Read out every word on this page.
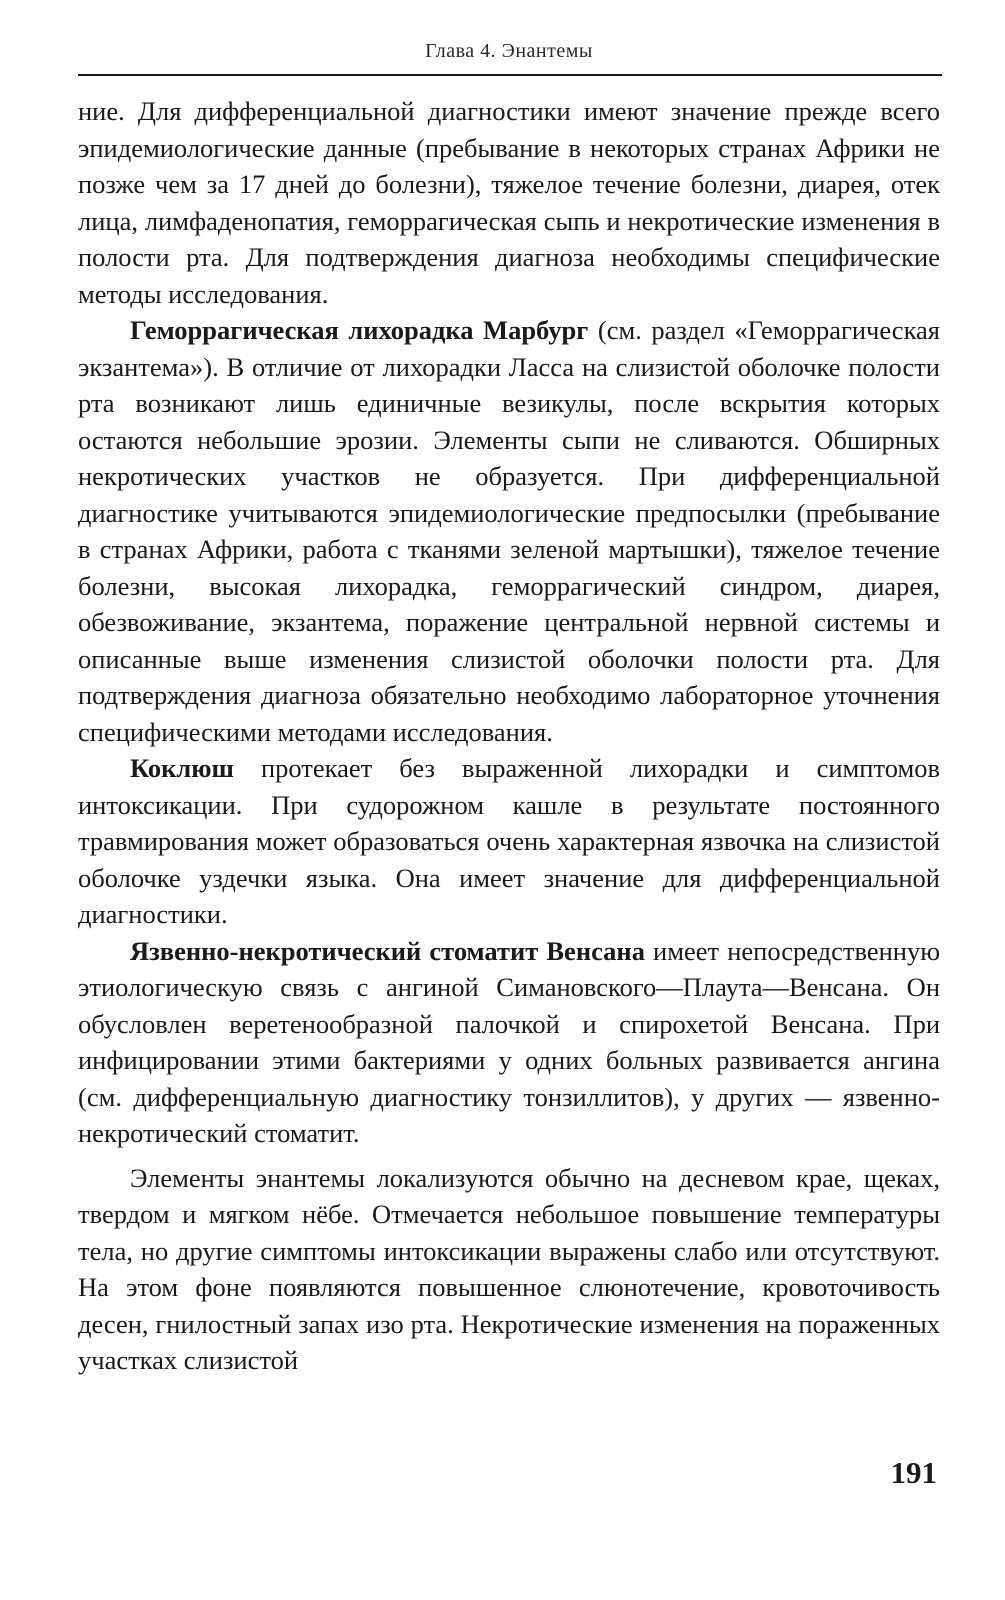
Глава 4. Энантемы

ние. Для дифференциальной диагностики имеют значение прежде всего эпидемиологические данные (пребывание в некоторых странах Африки не позже чем за 17 дней до болезни), тяжелое течение болезни, диарея, отек лица, лимфаденопатия, геморрагическая сыпь и некротические изменения в полости рта. Для подтверждения диагноза необходимы специфические методы исследования.

Геморрагическая лихорадка Марбург (см. раздел «Геморрагическая экзантема»). В отличие от лихорадки Ласса на слизистой оболочке полости рта возникают лишь единичные везикулы, после вскрытия которых остаются небольшие эрозии. Элементы сыпи не сливаются. Обширных некротических участков не образуется. При дифференциальной диагностике учитываются эпидемиологические предпосылки (пребывание в странах Африки, работа с тканями зеленой мартышки), тяжелое течение болезни, высокая лихорадка, геморрагический синдром, диарея, обезвоживание, экзантема, поражение центральной нервной системы и описанные выше изменения слизистой оболочки полости рта. Для подтверждения диагноза обязательно необходимо лабораторное уточнения специфическими методами исследования.

Коклюш протекает без выраженной лихорадки и симптомов интоксикации. При судорожном кашле в результате постоянного травмирования может образоваться очень характерная язвочка на слизистой оболочке уздечки языка. Она имеет значение для дифференциальной диагностики.

Язвенно-некротический стоматит Венсана имеет непосредственную этиологическую связь с ангиной Симановского—Плаута—Венсана. Он обусловлен веретенообразной палочкой и спирохетой Венсана. При инфицировании этими бактериями у одних больных развивается ангина (см. дифференциальную диагностику тонзиллитов), у других — язвенно-некротический стоматит.

Элементы энантемы локализуются обычно на десневом крае, щеках, твердом и мягком нёбе. Отмечается небольшое повышение температуры тела, но другие симптомы интоксикации выражены слабо или отсутствуют. На этом фоне появляются повышенное слюнотечение, кровоточивость десен, гнилостный запах изо рта. Некротические изменения на пораженных участках слизистой

191
